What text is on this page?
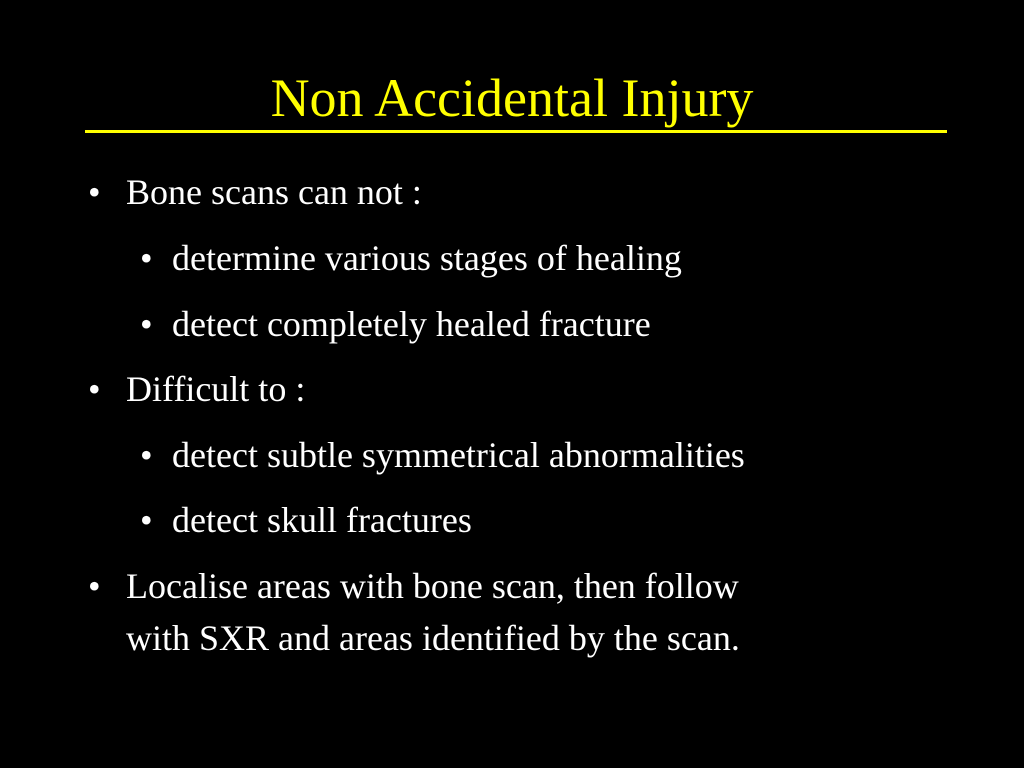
Non Accidental Injury
• Bone scans can not :
• determine various stages of healing
• detect completely healed fracture
• Difficult to :
• detect subtle symmetrical abnormalities
• detect skull fractures
• Localise areas with bone scan, then follow
with SXR and areas identified by the scan.
